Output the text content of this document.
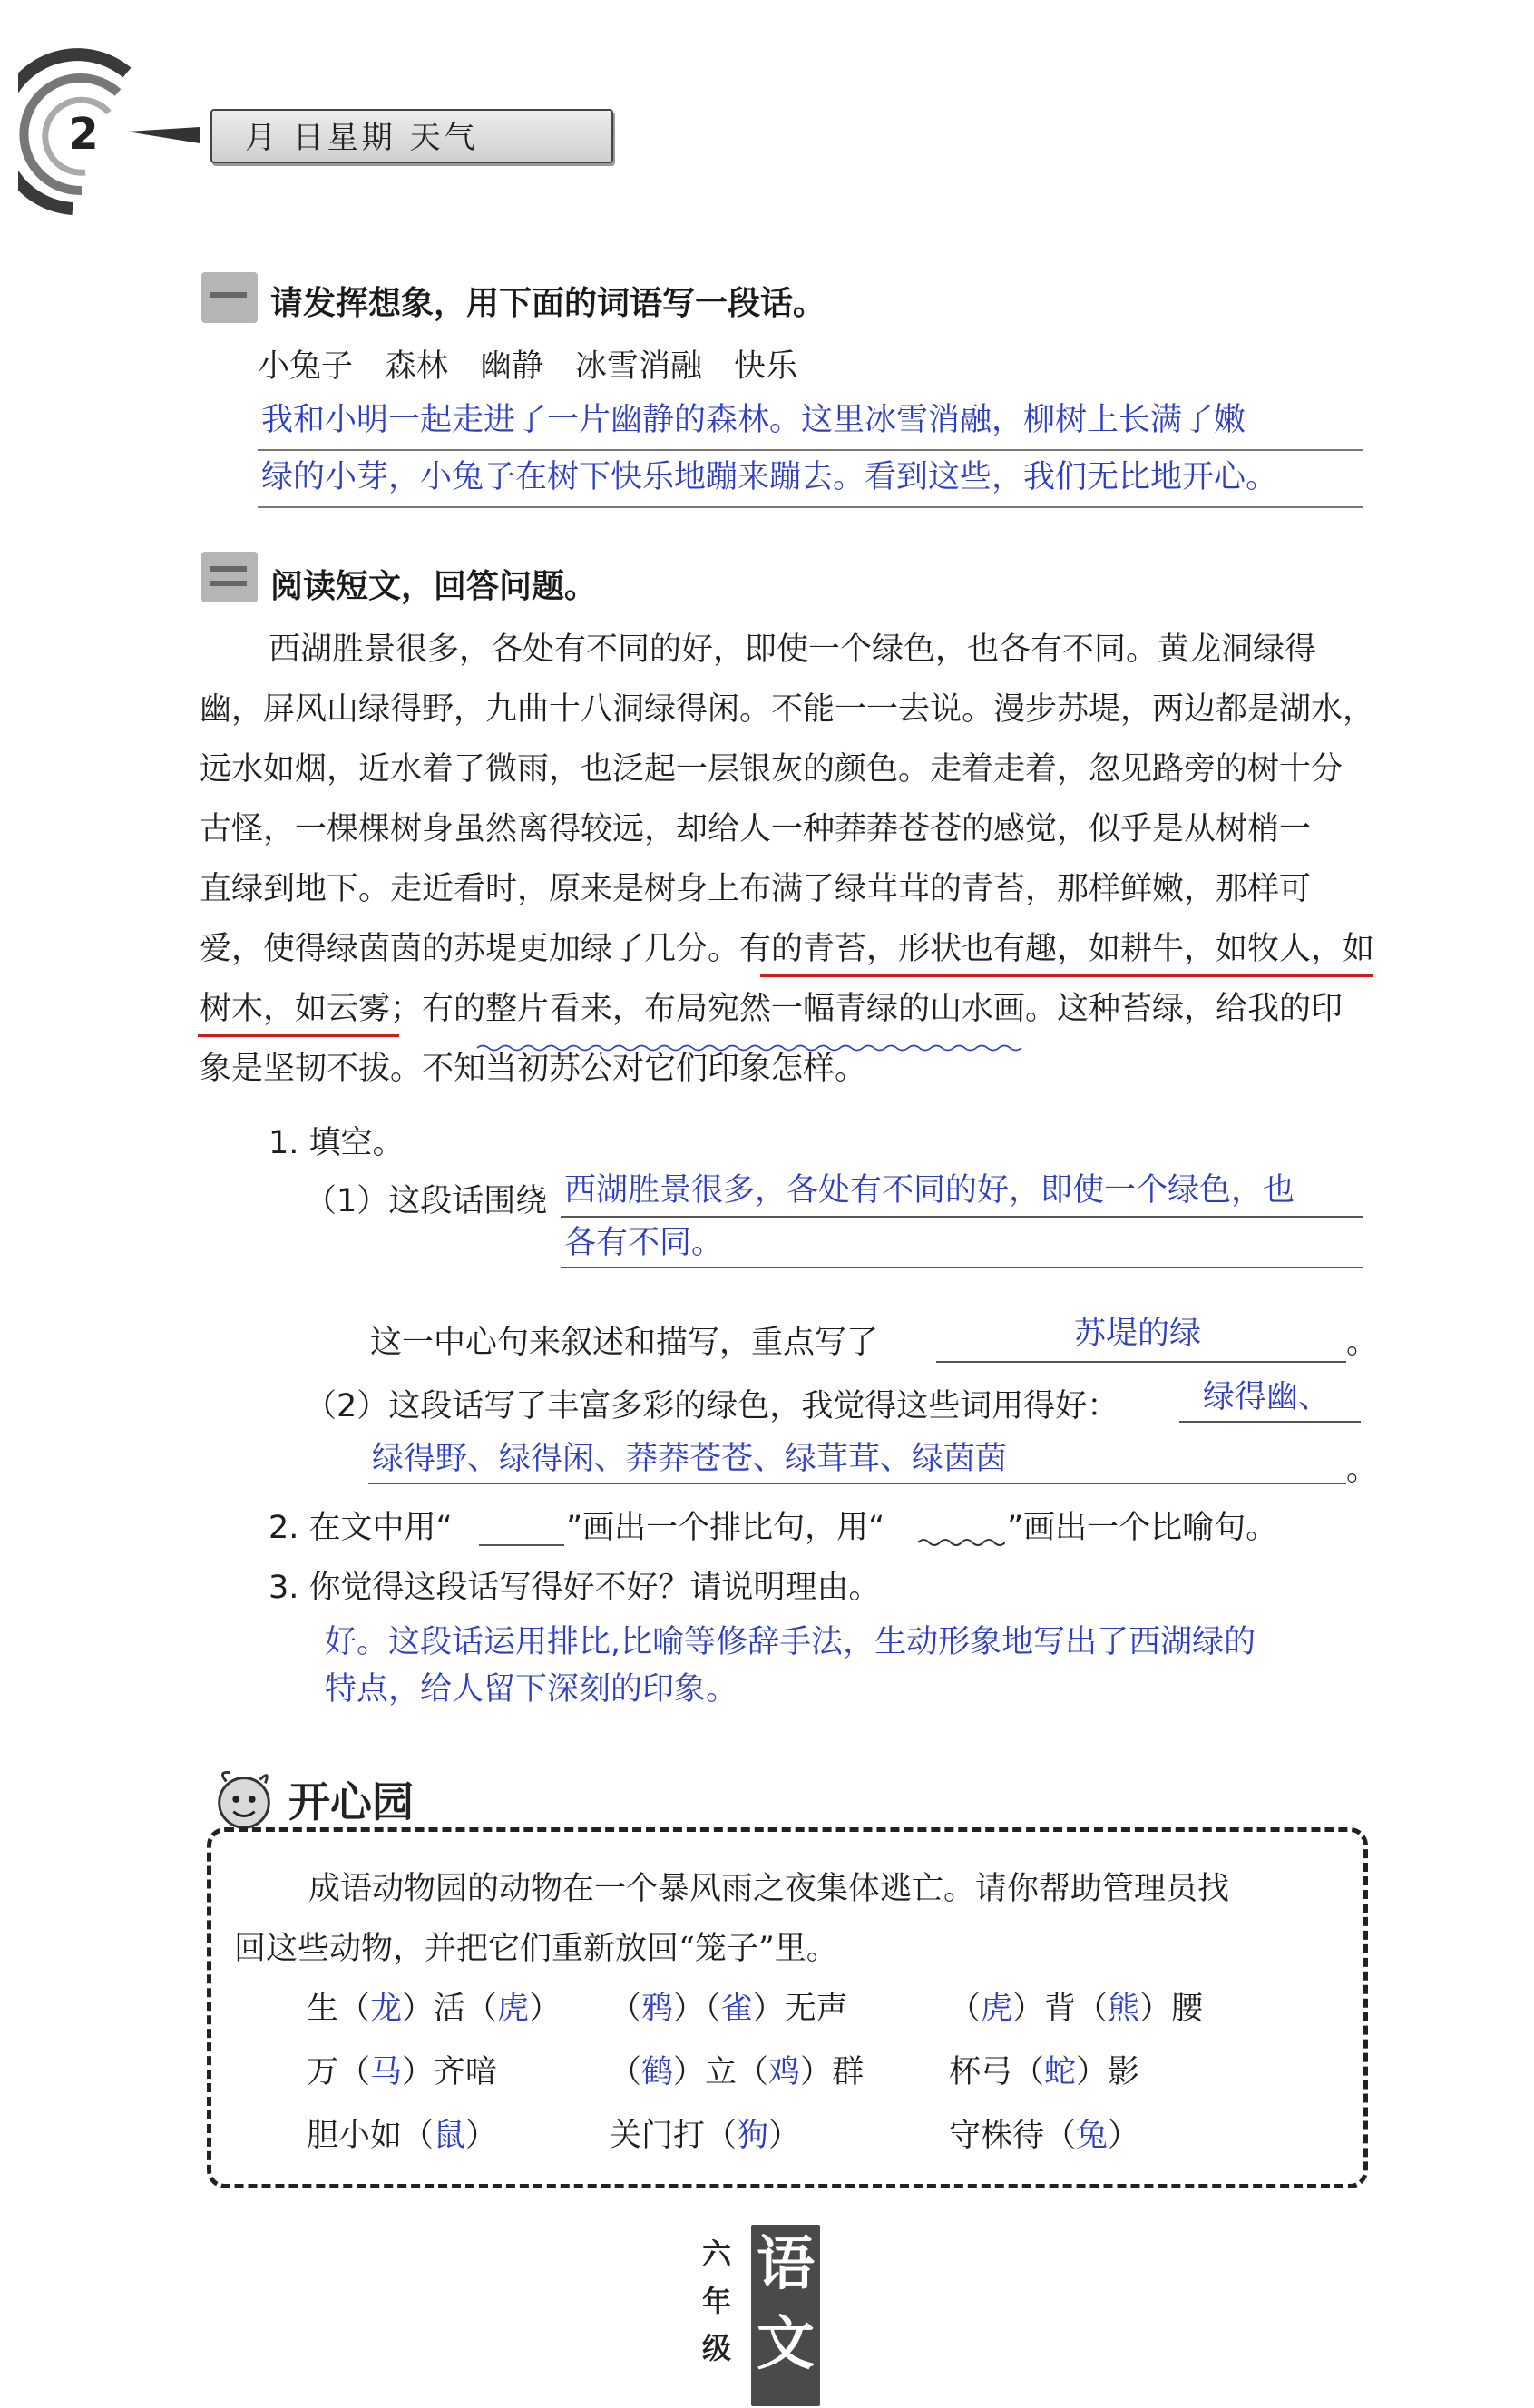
2	月 日星期 天气
请发挥想象，用下面的词语写一段话。
小兔子　森林　幽静　冰雪消融　快乐
我和小明一起走进了一片幽静的森林。这里冰雪消融，柳树上长满了嫩
绿的小芽，小兔子在树下快乐地蹦来蹦去。看到这些，我们无比地开心。
阅读短文，回答问题。
西湖胜景很多，各处有不同的好，即使一个绿色，也各有不同。黄龙洞绿得
幽，屏风山绿得野，九曲十八洞绿得闲。不能一一去说。漫步苏堤，两边都是湖水，
远水如烟，近水着了微雨，也泛起一层银灰的颜色。走着走着，忽见路旁的树十分
古怪，一棵棵树身虽然离得较远，却给人一种莽莽苍苍的感觉，似乎是从树梢一
直绿到地下。走近看时，原来是树身上布满了绿茸茸的青苔，那样鲜嫩，那样可
爱，使得绿茵茵的苏堤更加绿了几分。有的青苔，形状也有趣，如耕牛，如牧人，如
树木，如云雾；有的整片看来，布局宛然一幅青绿的山水画。这种苔绿，给我的印
象是坚韧不拔。不知当初苏公对它们印象怎样。
1. 填空。
（1）这段话围绕 西湖胜景很多，各处有不同的好，即使一个绿色，也
各有不同。
这一中心句来叙述和描写，重点写了	苏堤的绿	。
（2）这段话写了丰富多彩的绿色，我觉得这些词用得好：	绿得幽、
绿得野、绿得闲、莽莽苍苍、绿茸茸、绿茵茵	。
2. 在文中用“	”画出一个排比句，用“	”画出一个比喻句。
3. 你觉得这段话写得好不好？请说明理由。
好。这段话运用排比,比喻等修辞手法，生动形象地写出了西湖绿的
特点，给人留下深刻的印象。
开心园
成语动物园的动物在一个暴风雨之夜集体逃亡。请你帮助管理员找
回这些动物，并把它们重新放回“笼子”里。
生（龙）活（虎） （鸦）（雀）无声	（虎）背（熊）腰
万（马）齐喑	（鹤）立（鸡）群	杯弓（蛇）影
胆小如（鼠）	关门打（狗）	守株待（兔）
六
年
级
语
文
